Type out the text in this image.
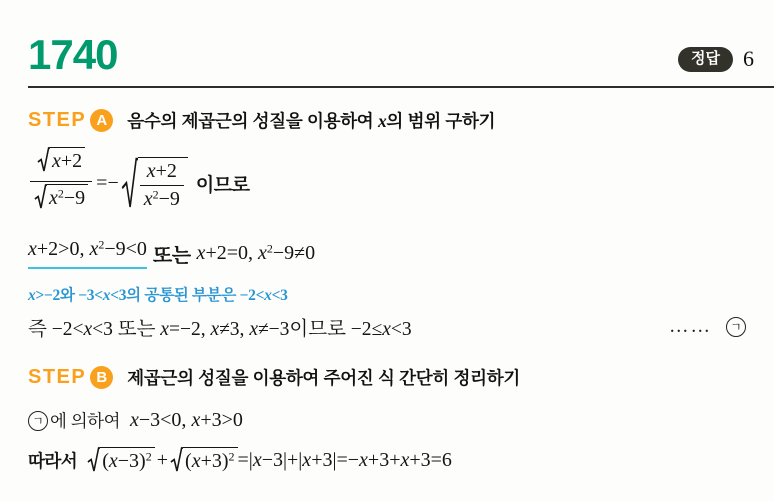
1740	정답	6
STEP A	음수의 제곱근의 성질을 이용하여 x의 범위 구하기
$\frac{x+2}{x^2-9} =- \frac{x+2}{x^2-9}$ 이므로
x+2>0, $x^2-9<0$ 또는 x+2=0, $x^2-9\ne 0$
x>−2와 −3<x<3의 공통된 부분은 −2<x<3
즉 −2<x<3 또는 x=−2, x≠3, x≠−3이므로 −2≤x<3	……	ㄱ
STEP B	제곱근의 성질을 이용하여 주어진 식 간단히 정리하기
ㄱ 에 의하여 x−3<0, x+3>0
따라서 $(x-3)^2 + (x+3)^2 =|x-3|+|x+3|=-x+3+x+3=6$
